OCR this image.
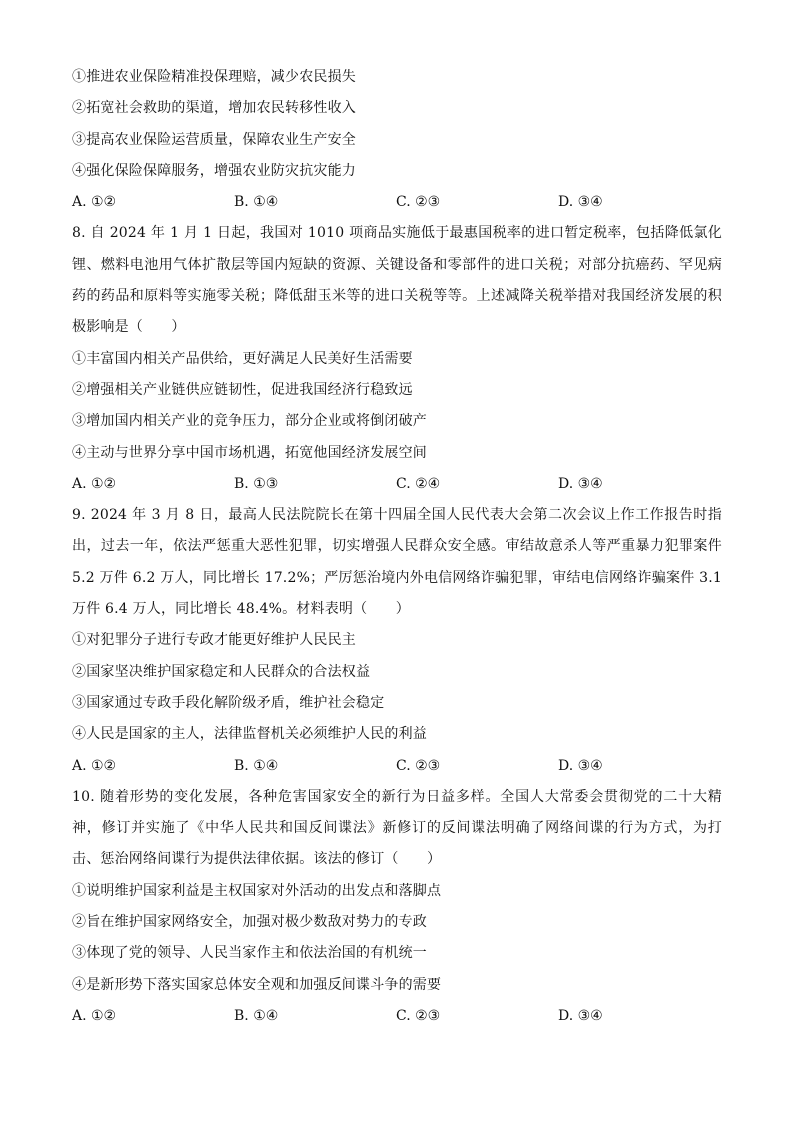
①推进农业保险精准投保理赔，减少农民损失
②拓宽社会救助的渠道，增加农民转移性收入
③提高农业保险运营质量，保障农业生产安全
④强化保险保障服务，增强农业防灾抗灾能力
A. ①②	B. ①④	C. ②③	D. ③④

8. 自 2024 年 1 月 1 日起，我国对 1010 项商品实施低于最惠国税率的进口暂定税率，包括降低氯化锂、燃料电池用气体扩散层等国内短缺的资源、关键设备和零部件的进口关税；对部分抗癌药、罕见病药的药品和原料等实施零关税；降低甜玉米等的进口关税等等。上述减降关税举措对我国经济发展的积极影响是（　　）

①丰富国内相关产品供给，更好满足人民美好生活需要
②增强相关产业链供应链韧性，促进我国经济行稳致远
③增加国内相关产业的竞争压力，部分企业或将倒闭破产
④主动与世界分享中国市场机遇，拓宽他国经济发展空间
A. ①②	B. ①③	C. ②④	D. ③④

9. 2024 年 3 月 8 日，最高人民法院院长在第十四届全国人民代表大会第二次会议上作工作报告时指出，过去一年，依法严惩重大恶性犯罪，切实增强人民群众安全感。审结故意杀人等严重暴力犯罪案件 5.2 万件 6.2 万人，同比增长 17.2%；严厉惩治境内外电信网络诈骗犯罪，审结电信网络诈骗案件 3.1 万件 6.4 万人，同比增长 48.4%。材料表明（　　）

①对犯罪分子进行专政才能更好维护人民民主
②国家坚决维护国家稳定和人民群众的合法权益
③国家通过专政手段化解阶级矛盾，维护社会稳定
④人民是国家的主人，法律监督机关必须维护人民的利益
A. ①②	B. ①④	C. ②③	D. ③④

10. 随着形势的变化发展，各种危害国家安全的新行为日益多样。全国人大常委会贯彻党的二十大精神，修订并实施了《中华人民共和国反间谍法》新修订的反间谍法明确了网络间谍的行为方式，为打击、惩治网络间谍行为提供法律依据。该法的修订（　　）

①说明维护国家利益是主权国家对外活动的出发点和落脚点
②旨在维护国家网络安全，加强对极少数敌对势力的专政
③体现了党的领导、人民当家作主和依法治国的有机统一
④是新形势下落实国家总体安全观和加强反间谍斗争的需要
A. ①②	B. ①④	C. ②③	D. ③④
